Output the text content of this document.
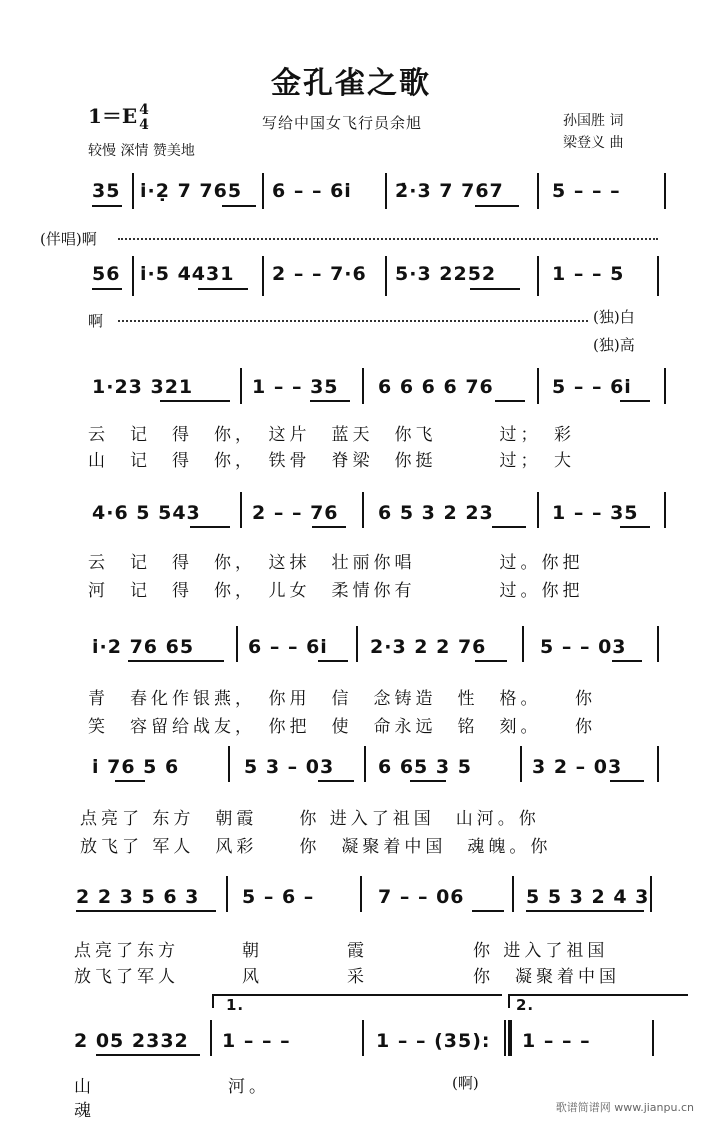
金孔雀之歌
1＝E 4
4	写给中国女飞行员余旭	孙国胜 词
梁登义 曲
较慢 深情 赞美地
35 i·2̣ 7 765 6 – – 6i 2̇·3 7 767	5 – – –
(伴唱)啊
56 i·5 4431 2 – – 7·6 5·3 2252	1 – – 5
啊	(独)白
(独)高
1·23 321	1 – – 35 6 6 6 6 76	5 – – 6i
云　记　得　你，　这片　蓝天　你飞　　　过；　彩
山　记　得　你，　铁骨　脊梁　你挺　　　过；　大
4·6 5 543	2 – – 76 6 5 3 2 23	1 – – 35
云　记　得　你，　这抹　壮丽你唱　　　　过。你把
河　记　得　你，　儿女　柔情你有　　　　过。你把
i·2 76 65	6 – – 6i 2·3 2 2 76	5 – – 03
青　春化作银燕，　你用　信　念铸造　性　格。　　你
笑　容留给战友，　你把　使　命永远　铭　刻。　　你
i 76 5 6	5 3 – 03 6 65 3 5	3 2 – 03
点亮了 东方　朝霞　　你 进入了祖国　山河。你
放飞了 军人　风彩　　你　凝聚着中国　魂魄。你
2 2 3 5 6 3 5 – 6 –	7 – – 06	5 5 3 2 4 3
点亮了东方　　　朝　　　　霞　　　　　你 进入了祖国
放飞了军人　　　风　　　　采　　　　　你　凝聚着中国
1.	2.
2 05 2332 1 – – –	1 – – (35): 1 – – –
山	河。	(啊)
魂	歌谱简谱网 www.jianpu.cn
